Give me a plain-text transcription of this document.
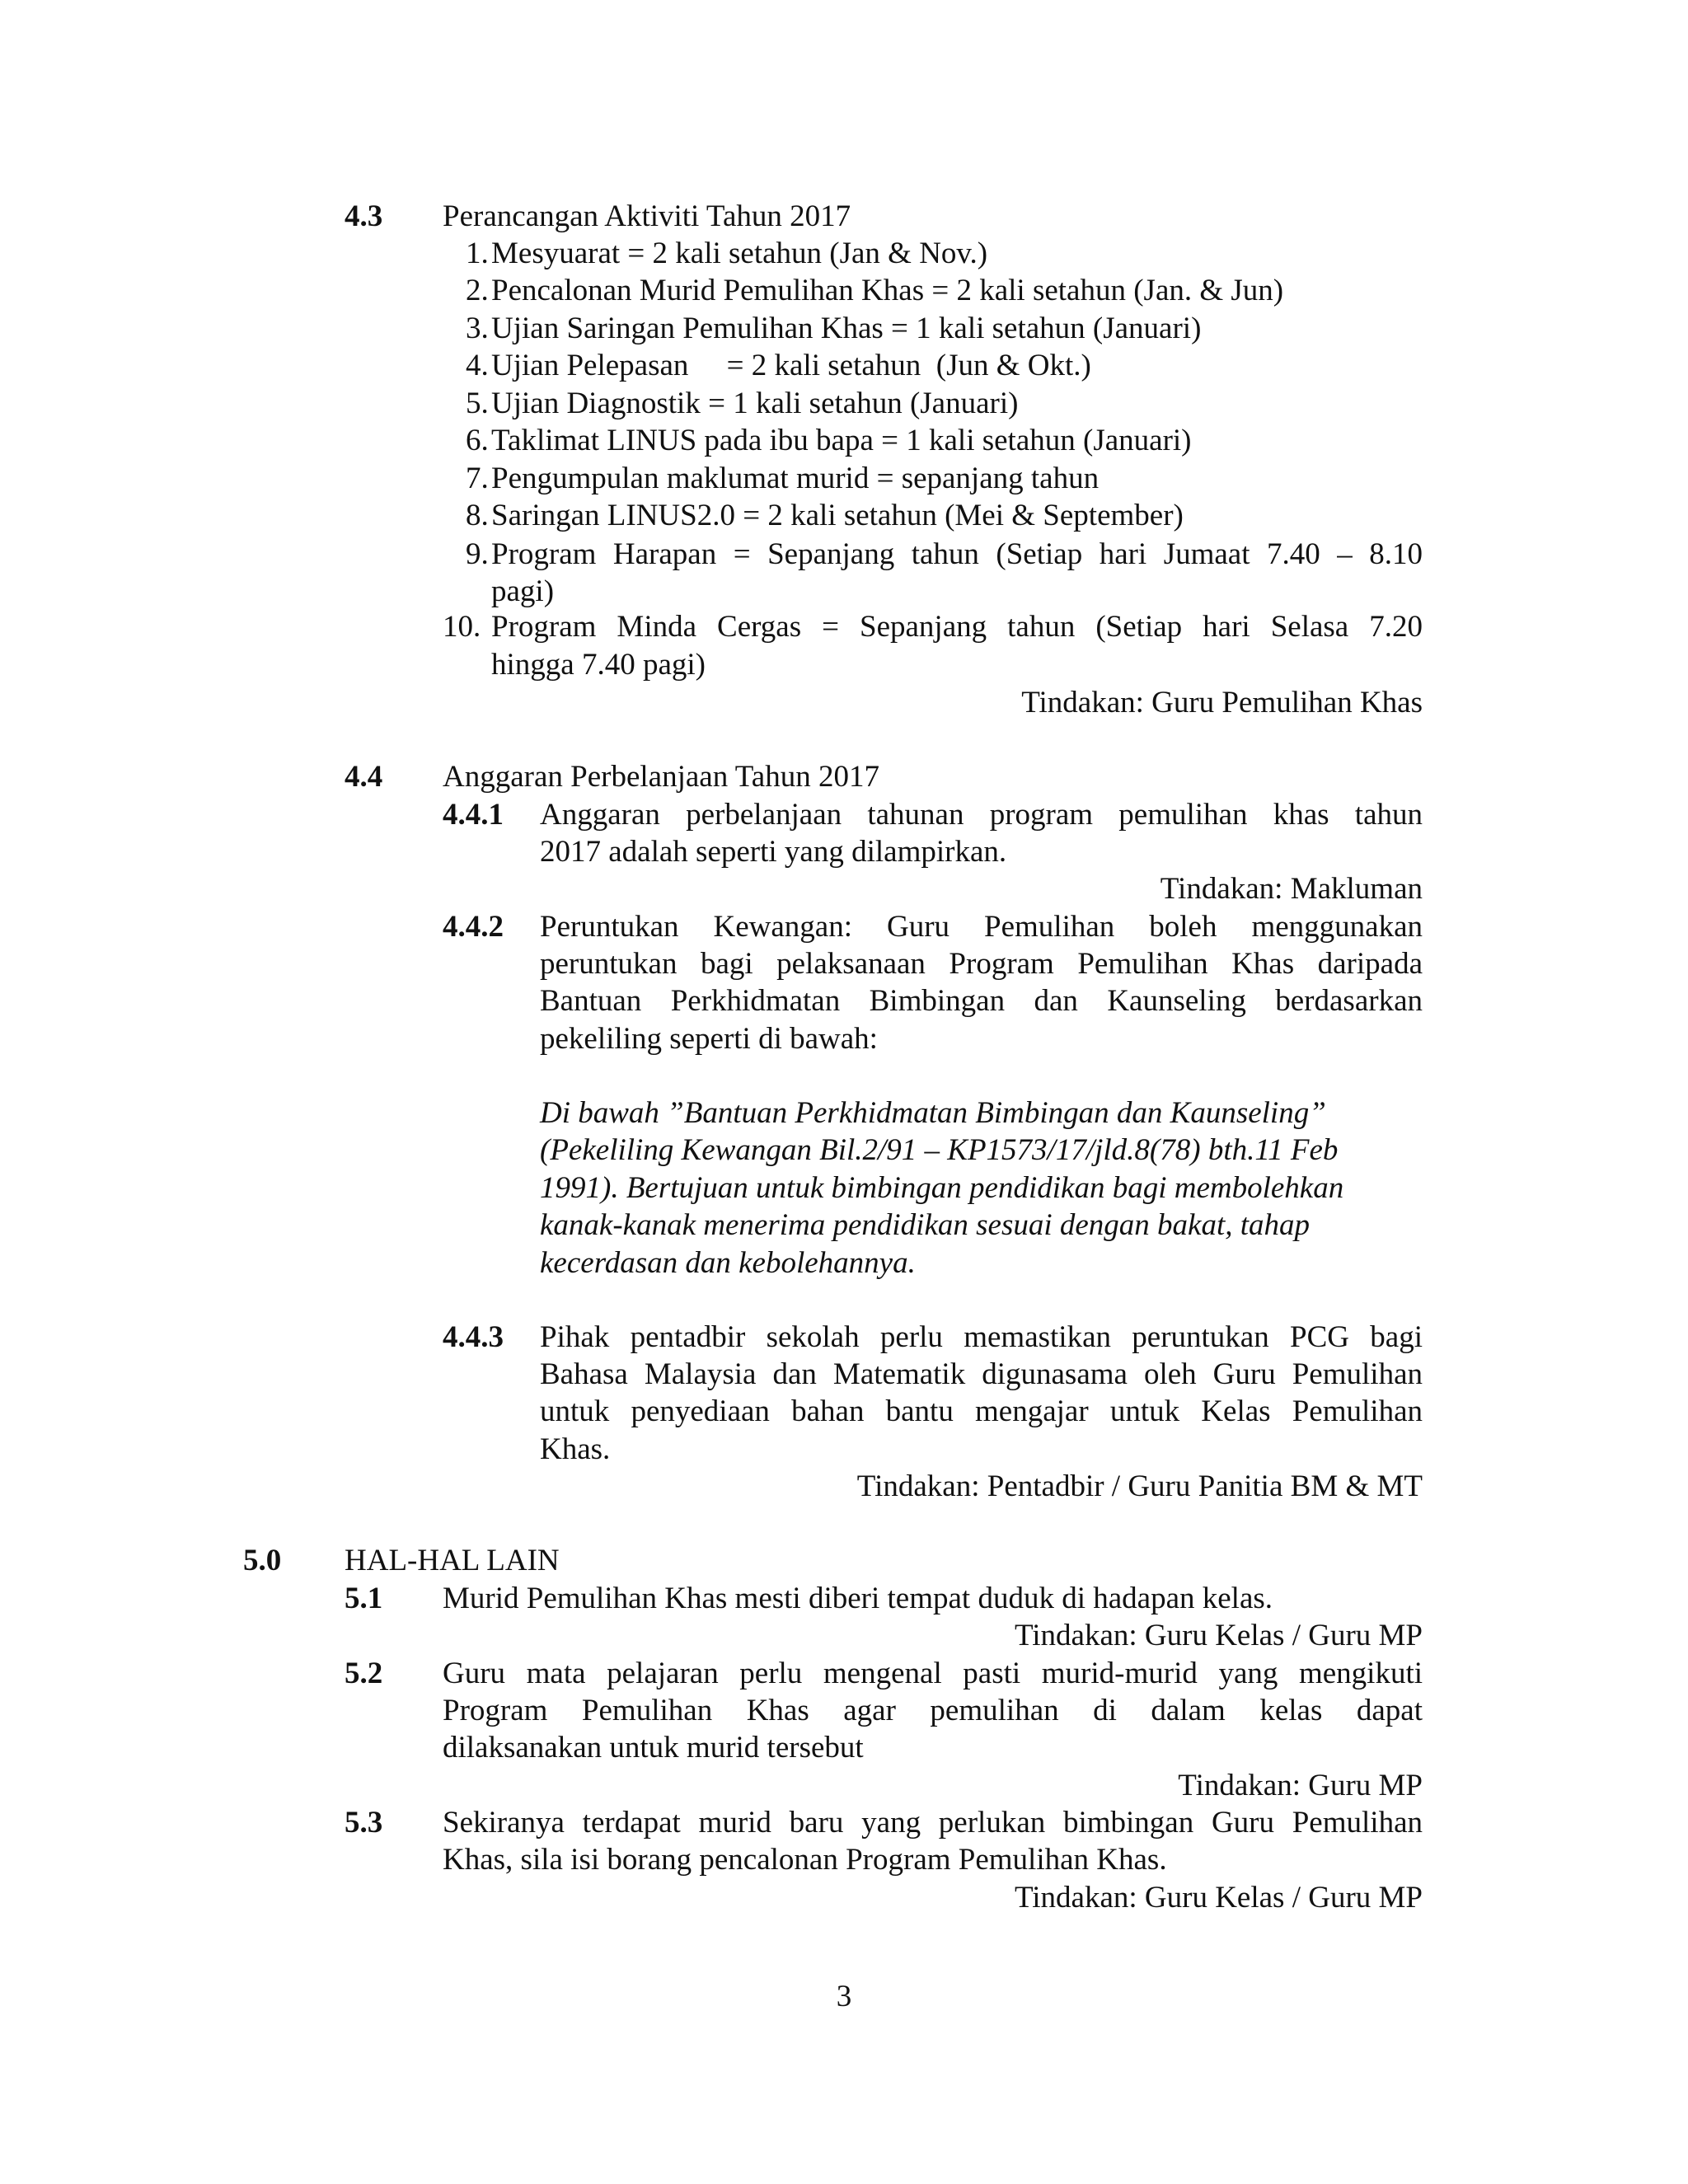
4.3 Perancangan Aktiviti Tahun 2017
1. Mesyuarat = 2 kali setahun (Jan & Nov.)
2. Pencalonan Murid Pemulihan Khas = 2 kali setahun (Jan. & Jun)
3. Ujian Saringan Pemulihan Khas = 1 kali setahun (Januari)
4. Ujian Pelepasan     = 2 kali setahun  (Jun & Okt.)
5. Ujian Diagnostik = 1 kali setahun (Januari)
6. Taklimat LINUS pada ibu bapa = 1 kali setahun (Januari)
7. Pengumpulan maklumat murid = sepanjang tahun
8. Saringan LINUS2.0 = 2 kali setahun (Mei & September)
9. Program Harapan = Sepanjang tahun (Setiap hari Jumaat 7.40 – 8.10
pagi)
10. Program Minda Cergas = Sepanjang tahun (Setiap hari Selasa 7.20
hingga 7.40 pagi)
Tindakan: Guru Pemulihan Khas
4.4 Anggaran Perbelanjaan Tahun 2017
4.4.1 Anggaran perbelanjaan tahunan program pemulihan khas tahun
2017 adalah seperti yang dilampirkan.
Tindakan: Makluman
4.4.2 Peruntukan Kewangan: Guru Pemulihan boleh menggunakan
peruntukan bagi pelaksanaan Program Pemulihan Khas daripada
Bantuan Perkhidmatan Bimbingan dan Kaunseling berdasarkan
pekeliling seperti di bawah:
Di bawah ”Bantuan Perkhidmatan Bimbingan dan Kaunseling”
(Pekeliling Kewangan Bil.2/91 – KP1573/17/jld.8(78) bth.11 Feb
1991). Bertujuan untuk bimbingan pendidikan bagi membolehkan
kanak-kanak menerima pendidikan sesuai dengan bakat, tahap
kecerdasan dan kebolehannya.
4.4.3 Pihak pentadbir sekolah perlu memastikan peruntukan PCG bagi
Bahasa Malaysia dan Matematik digunasama oleh Guru Pemulihan
untuk penyediaan bahan bantu mengajar untuk Kelas Pemulihan
Khas.
Tindakan: Pentadbir / Guru Panitia BM & MT
5.0 HAL-HAL LAIN
5.1 Murid Pemulihan Khas mesti diberi tempat duduk di hadapan kelas.
Tindakan: Guru Kelas / Guru MP
5.2 Guru mata pelajaran perlu mengenal pasti murid-murid yang mengikuti
Program Pemulihan Khas agar pemulihan di dalam kelas dapat
dilaksanakan untuk murid tersebut
Tindakan: Guru MP
5.3 Sekiranya terdapat murid baru yang perlukan bimbingan Guru Pemulihan
Khas, sila isi borang pencalonan Program Pemulihan Khas.
Tindakan: Guru Kelas / Guru MP
3
